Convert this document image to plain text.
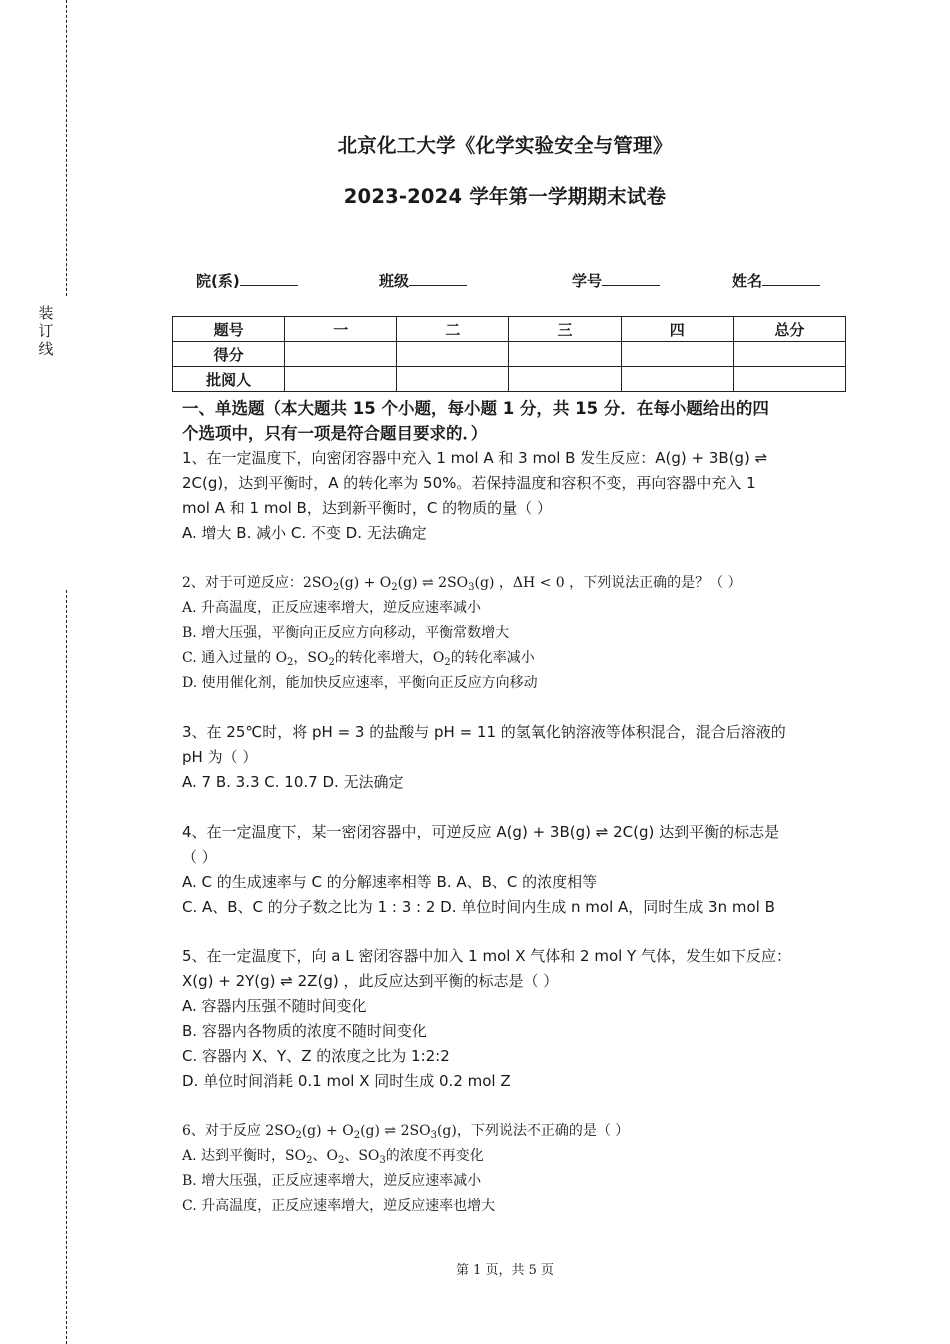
装
订
线
北京化工大学《化学实验安全与管理》
2023-2024 学年第一学期期末试卷
院(系)	班级	学号	姓名
题号	一	二	三	四	总分
得分					
批阅人					
一、单选题（本大题共 15 个小题，每小题 1 分，共 15 分．在每小题给出的四
个选项中，只有一项是符合题目要求的．）
1、在一定温度下，向密闭容器中充入 1 mol A 和 3 mol B 发生反应：A(g) + 3B(g) ⇌
2C(g)，达到平衡时，A 的转化率为 50%。若保持温度和容积不变，再向容器中充入 1
mol A 和 1 mol B，达到新平衡时，C 的物质的量（ ）
A. 增大 B. 减小 C. 不变 D. 无法确定
2、对于可逆反应：$2SO_2(g) + O_2(g)$ ⇌ $2SO_3(g)$ ，ΔH < 0 ，下列说法正确的是？（ ）
A. 升高温度，正反应速率增大，逆反应速率减小
B. 增大压强，平衡向正反应方向移动，平衡常数增大
C. 通入过量的 $O_2$，$SO_2$的转化率增大，$O_2$的转化率减小
D. 使用催化剂，能加快反应速率，平衡向正反应方向移动
3、在 25℃时，将 pH = 3 的盐酸与 pH = 11 的氢氧化钠溶液等体积混合，混合后溶液的
pH 为（ ）
A. 7 B. 3.3 C. 10.7 D. 无法确定
4、在一定温度下，某一密闭容器中，可逆反应 A(g) + 3B(g) ⇌ 2C(g) 达到平衡的标志是
（ ）
A. C 的生成速率与 C 的分解速率相等 B. A、B、C 的浓度相等
C. A、B、C 的分子数之比为 1 : 3 : 2 D. 单位时间内生成 n mol A，同时生成 3n mol B
5、在一定温度下，向 a L 密闭容器中加入 1 mol X 气体和 2 mol Y 气体，发生如下反应：
X(g) + 2Y(g) ⇌ 2Z(g) ，此反应达到平衡的标志是（ ）
A. 容器内压强不随时间变化
B. 容器内各物质的浓度不随时间变化
C. 容器内 X、Y、Z 的浓度之比为 1:2:2
D. 单位时间消耗 0.1 mol X 同时生成 0.2 mol Z
6、对于反应 $2SO_2(g) + O_2(g)$ ⇌ $2SO_3(g)$，下列说法不正确的是（ ）
A. 达到平衡时，$SO_2$、$O_2$、$SO_3$的浓度不再变化
B. 增大压强，正反应速率增大，逆反应速率减小
C. 升高温度，正反应速率增大，逆反应速率也增大
第 1 页，共 5 页
